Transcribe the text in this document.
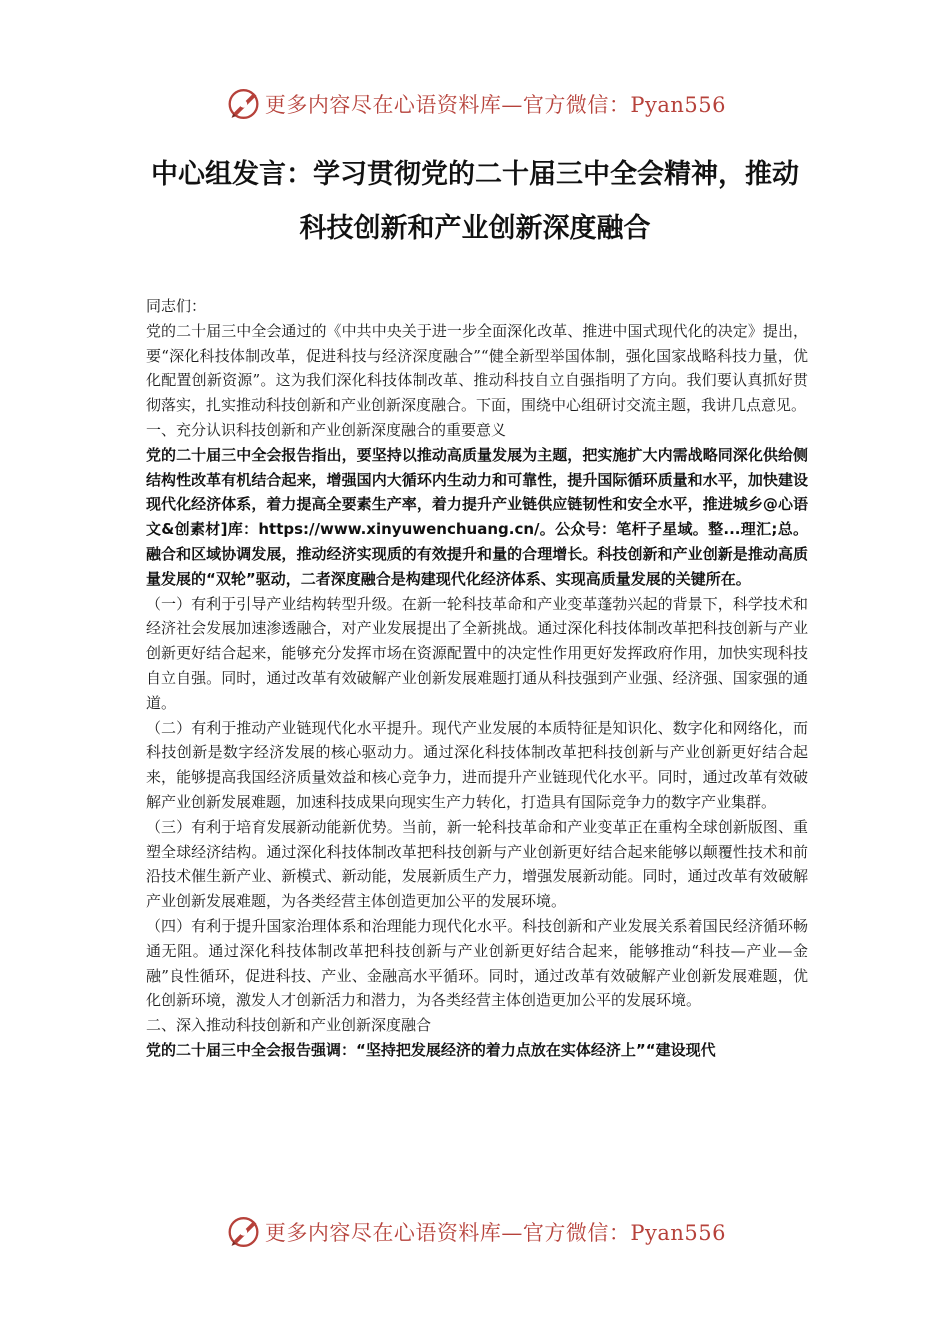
更多内容尽在心语资料库—官方微信：Pyan556
中心组发言：学习贯彻党的二十届三中全会精神，推动科技创新和产业创新深度融合

同志们：

党的二十届三中全会通过的《中共中央关于进一步全面深化改革、推进中国式现代化的决定》提出，要“深化科技体制改革，促进科技与经济深度融合”“健全新型举国体制，强化国家战略科技力量，优化配置创新资源”。这为我们深化科技体制改革、推动科技自立自强指明了方向。我们要认真抓好贯彻落实，扎实推动科技创新和产业创新深度融合。下面，围绕中心组研讨交流主题，我讲几点意见。

一、充分认识科技创新和产业创新深度融合的重要意义

党的二十届三中全会报告指出，要坚持以推动高质量发展为主题，把实施扩大内需战略同深化供给侧结构性改革有机结合起来，增强国内大循环内生动力和可靠性，提升国际循环质量和水平，加快建设现代化经济体系，着力提高全要素生产率，着力提升产业链供应链韧性和安全水平，推进城乡@心语文&创素材]库：https://www.xinyuwenchuang.cn/。公众号：笔杆子星域。整...理汇;总。融合和区域协调发展，推动经济实现质的有效提升和量的合理增长。科技创新和产业创新是推动高质量发展的“双轮”驱动，二者深度融合是构建现代化经济体系、实现高质量发展的关键所在。

（一）有利于引导产业结构转型升级。在新一轮科技革命和产业变革蓬勃兴起的背景下，科学技术和经济社会发展加速渗透融合，对产业发展提出了全新挑战。通过深化科技体制改革把科技创新与产业创新更好结合起来，能够充分发挥市场在资源配置中的决定性作用更好发挥政府作用，加快实现科技自立自强。同时，通过改革有效破解产业创新发展难题打通从科技强到产业强、经济强、国家强的通道。

（二）有利于推动产业链现代化水平提升。现代产业发展的本质特征是知识化、数字化和网络化，而科技创新是数字经济发展的核心驱动力。通过深化科技体制改革把科技创新与产业创新更好结合起来，能够提高我国经济质量效益和核心竞争力，进而提升产业链现代化水平。同时，通过改革有效破解产业创新发展难题，加速科技成果向现实生产力转化，打造具有国际竞争力的数字产业集群。

（三）有利于培育发展新动能新优势。当前，新一轮科技革命和产业变革正在重构全球创新版图、重塑全球经济结构。通过深化科技体制改革把科技创新与产业创新更好结合起来能够以颠覆性技术和前沿技术催生新产业、新模式、新动能，发展新质生产力，增强发展新动能。同时，通过改革有效破解产业创新发展难题，为各类经营主体创造更加公平的发展环境。

（四）有利于提升国家治理体系和治理能力现代化水平。科技创新和产业发展关系着国民经济循环畅通无阻。通过深化科技体制改革把科技创新与产业创新更好结合起来，能够推动“科技—产业—金融”良性循环，促进科技、产业、金融高水平循环。同时，通过改革有效破解产业创新发展难题，优化创新环境，激发人才创新活力和潜力，为各类经营主体创造更加公平的发展环境。

二、深入推动科技创新和产业创新深度融合

党的二十届三中全会报告强调：“坚持把发展经济的着力点放在实体经济上”“建设现代

更多内容尽在心语资料库—官方微信：Pyan556
